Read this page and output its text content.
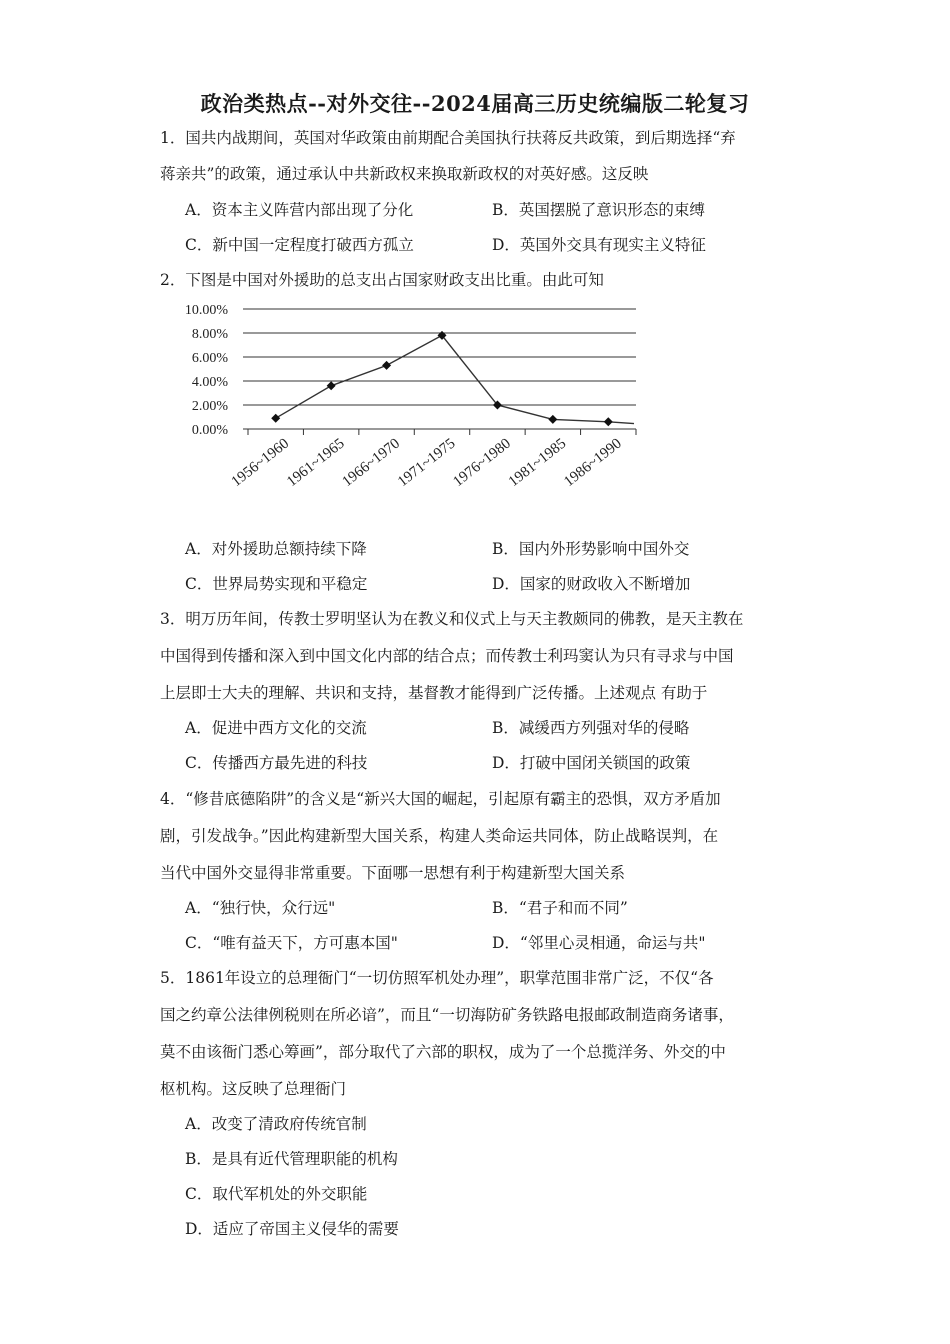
政治类热点--对外交往--2024届高三历史统编版二轮复习
1．国共内战期间，英国对华政策由前期配合美国执行扶蒋反共政策，到后期选择“弃
蒋亲共”的政策，通过承认中共新政权来换取新政权的对英好感。这反映
A．资本主义阵营内部出现了分化	B．英国摆脱了意识形态的束缚
C．新中国一定程度打破西方孤立	D．英国外交具有现实主义特征
2．下图是中国对外援助的总支出占国家财政支出比重。由此可知
10.00%
8.00%
6.00%
4.00%
2.00%
0.00%
1956~1960
1961~1965
1966~1970
1971~1975
1976~1980
1981~1985
1986~1990
A．对外援助总额持续下降	B．国内外形势影响中国外交
C．世界局势实现和平稳定	D．国家的财政收入不断增加
3．明万历年间，传教士罗明坚认为在教义和仪式上与天主教颇同的佛教，是天主教在
中国得到传播和深入到中国文化内部的结合点；而传教士利玛窦认为只有寻求与中国
上层即士大夫的理解、共识和支持，基督教才能得到广泛传播。上述观点 有助于
A．促进中西方文化的交流	B．减缓西方列强对华的侵略
C．传播西方最先进的科技	D．打破中国闭关锁国的政策
4．“修昔底德陷阱”的含义是“新兴大国的崛起，引起原有霸主的恐惧，双方矛盾加
剧，引发战争。”因此构建新型大国关系，构建人类命运共同体，防止战略误判，在
当代中国外交显得非常重要。下面哪一思想有利于构建新型大国关系
A．“独行快，众行远"	B．“君子和而不同”
C．“唯有益天下，方可惠本国"	D．“邻里心灵相通，命运与共"
5．1861年设立的总理衙门“一切仿照军机处办理”，职掌范围非常广泛，不仅“各
国之约章公法律例税则在所必谙”，而且“一切海防矿务铁路电报邮政制造商务诸事，
莫不由该衙门悉心筹画”，部分取代了六部的职权，成为了一个总揽洋务、外交的中
枢机构。这反映了总理衙门
A．改变了清政府传统官制
B．是具有近代管理职能的机构
C．取代军机处的外交职能
D．适应了帝国主义侵华的需要
